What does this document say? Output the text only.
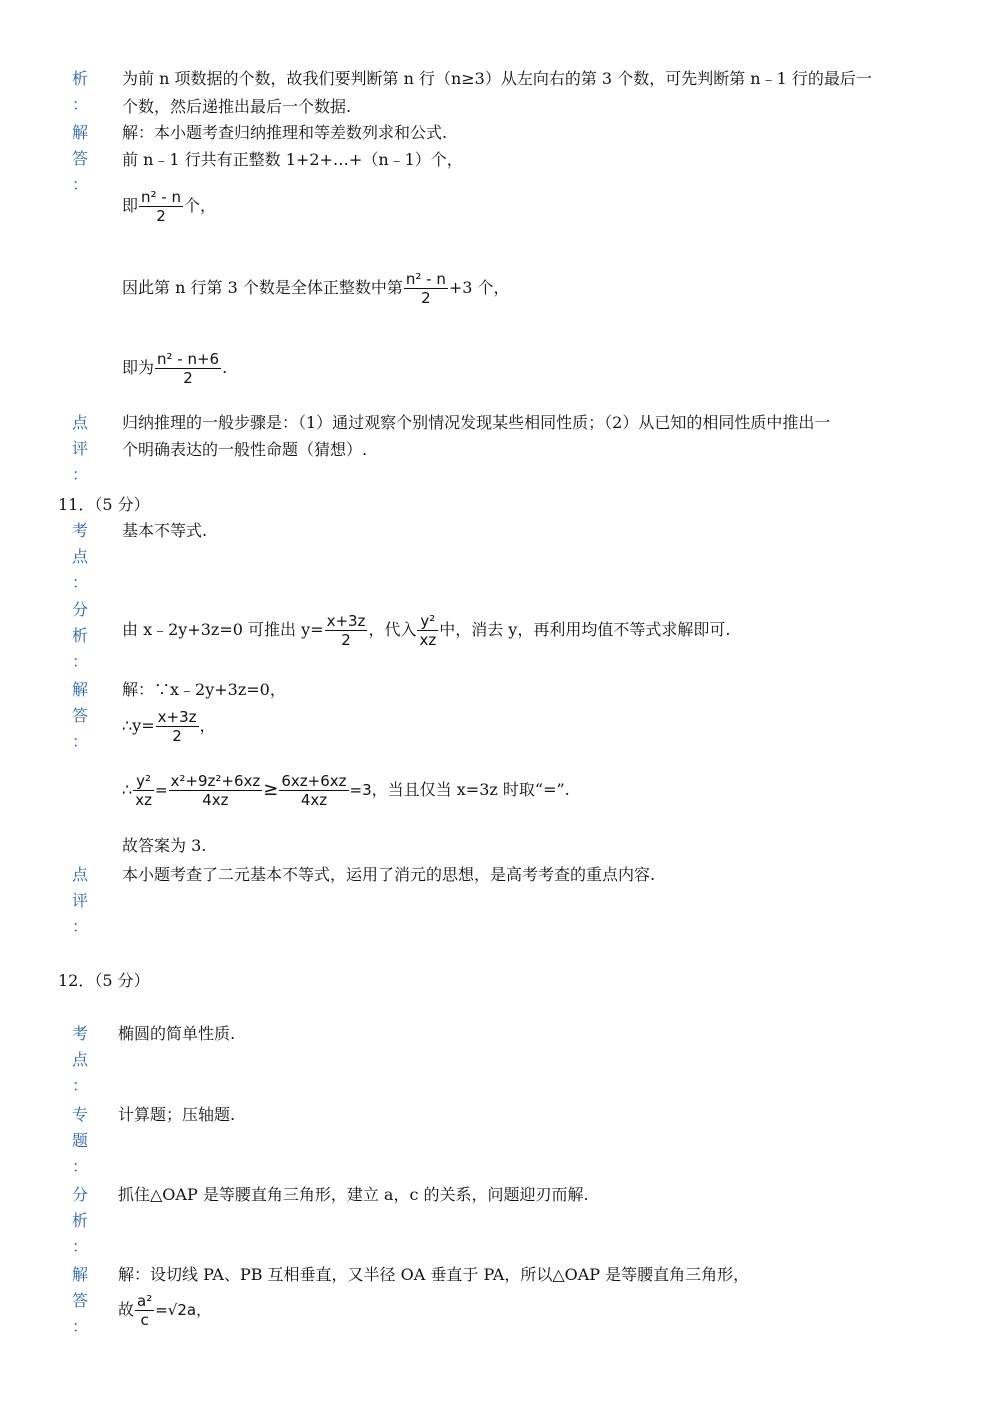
析
：
为前 n 项数据的个数，故我们要判断第 n 行（n≥3）从左向右的第 3 个数，可先判断第 n﹣1 行的最后一
个数，然后递推出最后一个数据.
解
答
：
解：本小题考查归纳推理和等差数列求和公式.
前 n﹣1 行共有正整数 1+2+…+（n﹣1）个，
即 $\frac{\text{n² - n}}{2}$ 个，
因此第 n 行第 3 个数是全体正整数中第 $\frac{\text{n² - n}}{2} +3$ 个，
即为 $\frac{\text{n² - n+6}}{2}$ .
点
评
：
归纳推理的一般步骤是：（1）通过观察个别情况发现某些相同性质；（2）从已知的相同性质中推出一
个明确表达的一般性命题（猜想）.
11．（5 分）
考
点
：
基本不等式.
分
析
：
由 x﹣2y+3z=0 可推出 $y= \frac{x+3z}{2}$ ，代入 $\frac{\text{y²}}{xz}$ 中，消去 y，再利用均值不等式求解即可.
解
答
：
解：∵x﹣2y+3z=0，
∴y= $\frac{x+3z}{2}$ ，
∴ $\frac{\text{y²}}{xz} = \frac{\text{x²+9z²+6xz}}{4xz} \ge \frac{6xz+6xz}{4xz} =3$，当且仅当 x=3z 时取“=”.
故答案为 3.
点
评
：
本小题考查了二元基本不等式，运用了消元的思想，是高考考查的重点内容.
12．（5 分）
考
点
：
椭圆的简单性质.
专
题
：
计算题；压轴题.
分
析
：
抓住△OAP 是等腰直角三角形，建立 a，c 的关系，问题迎刃而解.
解
答
：
解：设切线 PA、PB 互相垂直，又半径 OA 垂直于 PA，所以△OAP 是等腰直角三角形，
故 $\frac{\text{a²}}{c} =√2a$，
